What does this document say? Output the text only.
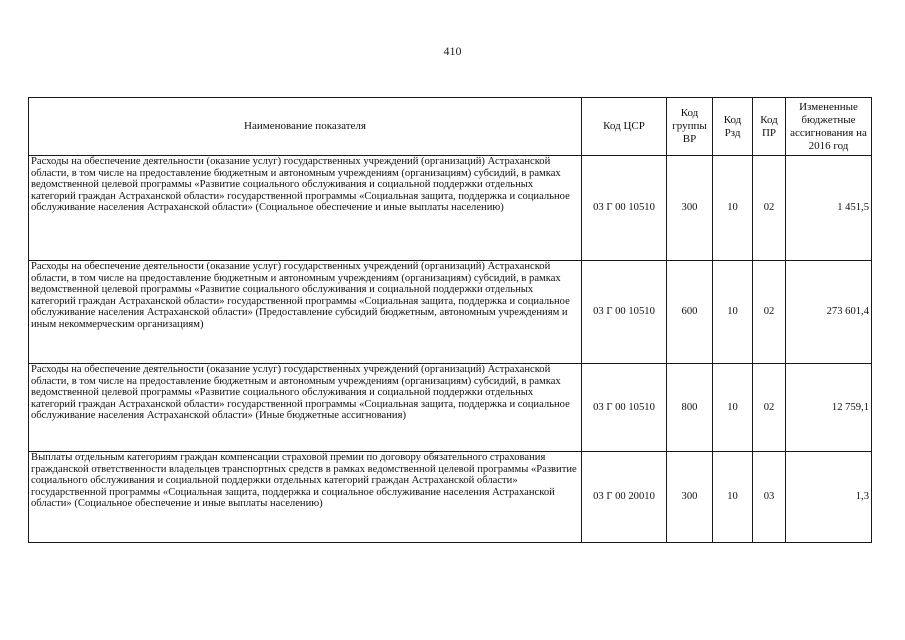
410
Наименование показателя	Код ЦСР	Код группы ВР	Код Рзд	Код ПР	Измененные бюджетные ассигнования на 2016 год
Расходы на обеспечение деятельности (оказание услуг) государственных учреждений (организаций) Астраханской области, в том числе на предоставление бюджетным и автономным учреждениям (организациям) субсидий, в рамках ведомственной целевой программы «Развитие социального обслуживания и социальной поддержки отдельных категорий граждан Астраханской области» государственной программы «Социальная защита, поддержка и социальное обслуживание населения Астраханской области» (Социальное обеспечение и иные выплаты населению)	03 Г 00 10510	300	10	02	1 451,5
Расходы на обеспечение деятельности (оказание услуг) государственных учреждений (организаций) Астраханской области, в том числе на предоставление бюджетным и автономным учреждениям (организациям) субсидий, в рамках ведомственной целевой программы «Развитие социального обслуживания и социальной поддержки отдельных категорий граждан Астраханской области» государственной программы «Социальная защита, поддержка и социальное обслуживание населения Астраханской области» (Предоставление субсидий бюджетным, автономным учреждениям и иным некоммерческим организациям)	03 Г 00 10510	600	10	02	273 601,4
Расходы на обеспечение деятельности (оказание услуг) государственных учреждений (организаций) Астраханской области, в том числе на предоставление бюджетным и автономным учреждениям (организациям) субсидий, в рамках ведомственной целевой программы «Развитие социального обслуживания и социальной поддержки отдельных категорий граждан Астраханской области» государственной программы «Социальная защита, поддержка и социальное обслуживание населения Астраханской области» (Иные бюджетные ассигнования)	03 Г 00 10510	800	10	02	12 759,1
Выплаты отдельным категориям граждан компенсации страховой премии по договору обязательного страхования гражданской ответственности владельцев транспортных средств в рамках ведомственной целевой программы «Развитие социального обслуживания и социальной поддержки отдельных категорий граждан Астраханской области» государственной программы «Социальная защита, поддержка и социальное обслуживание населения Астраханской области» (Социальное обеспечение и иные выплаты населению)	03 Г 00 20010	300	10	03	1,3
